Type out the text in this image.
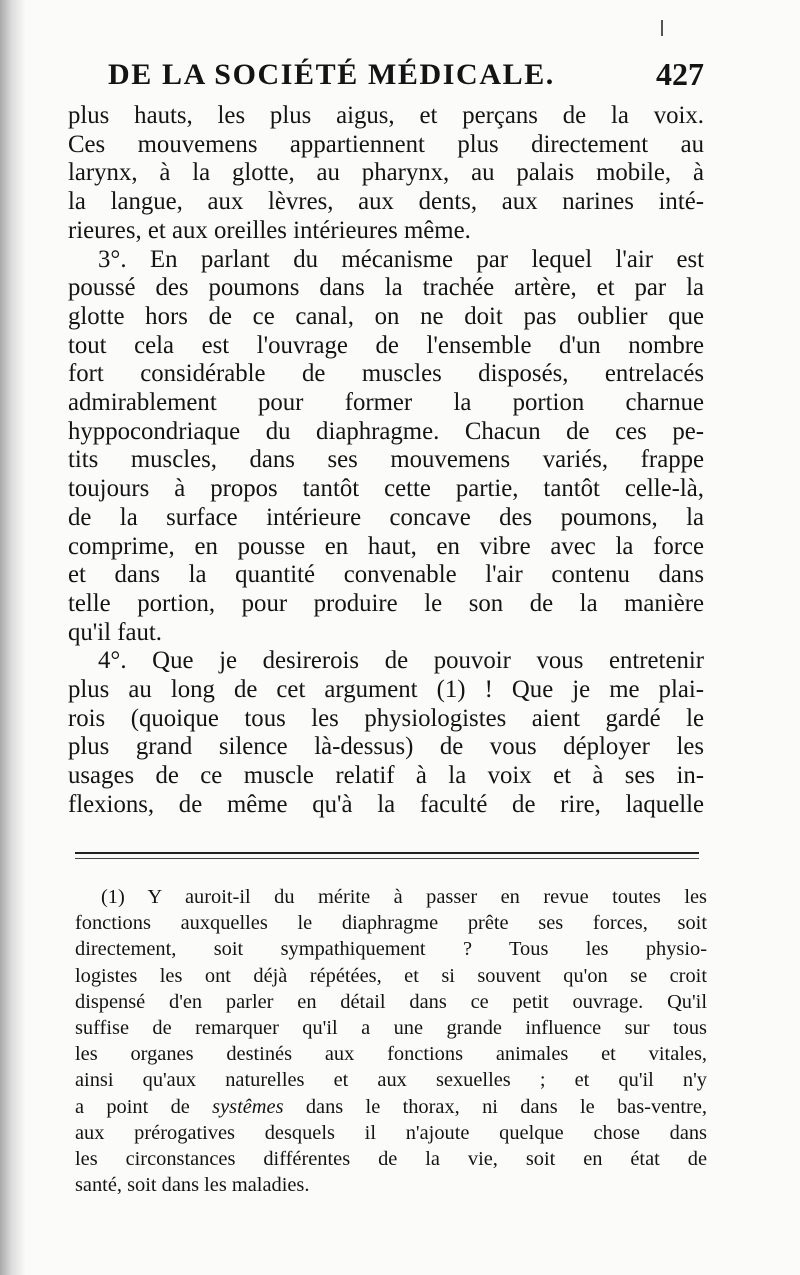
DE LA SOCIÉTÉ MÉDICALE.	427
plus hauts, les plus aigus, et perçans de la voix.
Ces mouvemens appartiennent plus directement au
larynx, à la glotte, au pharynx, au palais mobile, à
la langue, aux lèvres, aux dents, aux narines inté-
rieures, et aux oreilles intérieures même.
3°. En parlant du mécanisme par lequel l'air est
poussé des poumons dans la trachée artère, et par la
glotte hors de ce canal, on ne doit pas oublier que
tout cela est l'ouvrage de l'ensemble d'un nombre
fort considérable de muscles disposés, entrelacés
admirablement pour former la portion charnue
hyppocondriaque du diaphragme. Chacun de ces pe-
tits muscles, dans ses mouvemens variés, frappe
toujours à propos tantôt cette partie, tantôt celle-là,
de la surface intérieure concave des poumons, la
comprime, en pousse en haut, en vibre avec la force
et dans la quantité convenable l'air contenu dans
telle portion, pour produire le son de la manière
qu'il faut.
4°. Que je desirerois de pouvoir vous entretenir
plus au long de cet argument (1) ! Que je me plai-
rois (quoique tous les physiologistes aient gardé le
plus grand silence là-dessus) de vous déployer les
usages de ce muscle relatif à la voix et à ses in-
flexions, de même qu'à la faculté de rire, laquelle
(1) Y auroit-il du mérite à passer en revue toutes les
fonctions auxquelles le diaphragme prête ses forces, soit
directement, soit sympathiquement ? Tous les physio-
logistes les ont déjà répétées, et si souvent qu'on se croit
dispensé d'en parler en détail dans ce petit ouvrage. Qu'il
suffise de remarquer qu'il a une grande influence sur tous
les organes destinés aux fonctions animales et vitales,
ainsi qu'aux naturelles et aux sexuelles ; et qu'il n'y
a point de systêmes dans le thorax, ni dans le bas-ventre,
aux prérogatives desquels il n'ajoute quelque chose dans
les circonstances différentes de la vie, soit en état de
santé, soit dans les maladies.
